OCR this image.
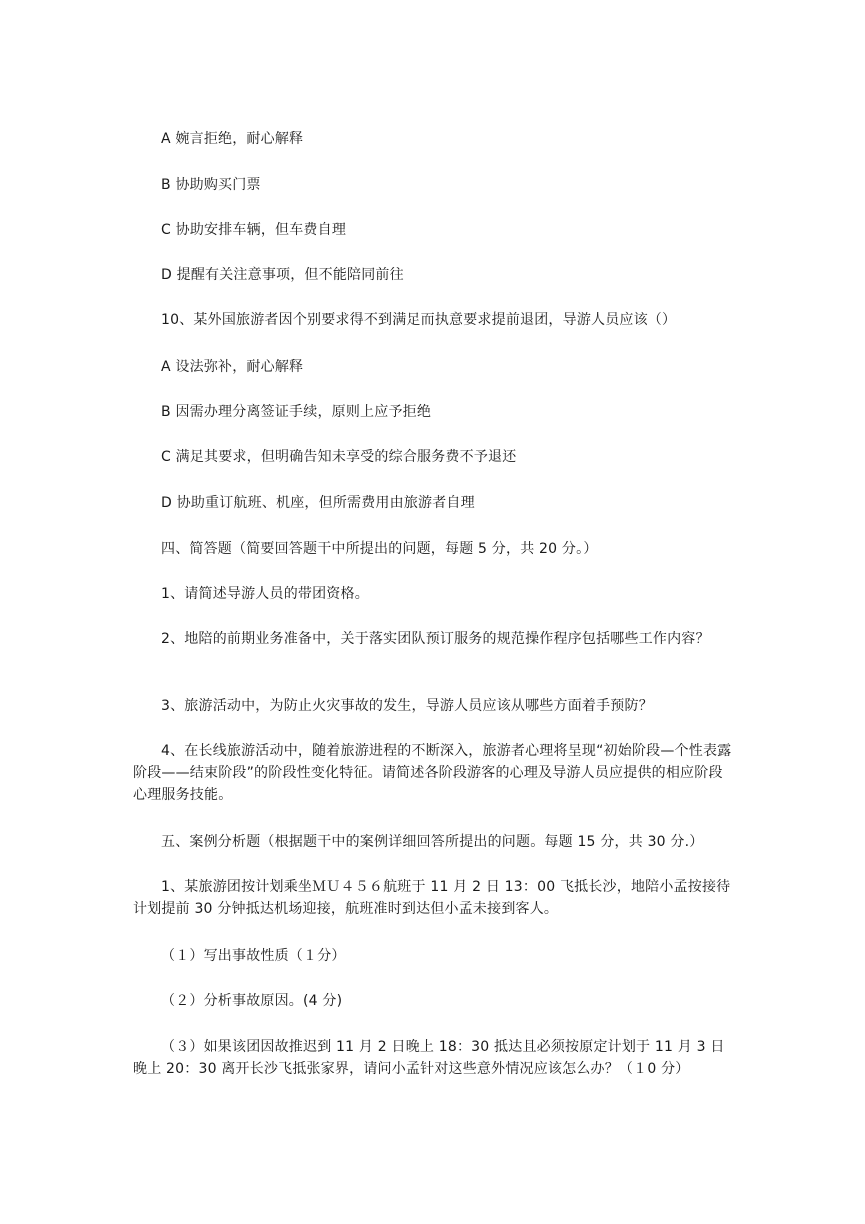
A 婉言拒绝，耐心解释
B 协助购买门票
C 协助安排车辆，但车费自理
D 提醒有关注意事项，但不能陪同前往
10、某外国旅游者因个别要求得不到满足而执意要求提前退团，导游人员应该（）
A 设法弥补，耐心解释
B 因需办理分离签证手续，原则上应予拒绝
C 满足其要求，但明确告知未享受的综合服务费不予退还
D 协助重订航班、机座，但所需费用由旅游者自理
四、简答题（简要回答题干中所提出的问题，每题 5 分，共 20 分。）
1、请简述导游人员的带团资格。
2、地陪的前期业务准备中，关于落实团队预订服务的规范操作程序包括哪些工作内容？
3、旅游活动中，为防止火灾事故的发生，导游人员应该从哪些方面着手预防？
4、在长线旅游活动中，随着旅游进程的不断深入，旅游者心理将呈现“初始阶段—个性表露阶段——结束阶段”的阶段性变化特征。请简述各阶段游客的心理及导游人员应提供的相应阶段心理服务技能。
五、案例分析题（根据题干中的案例详细回答所提出的问题。每题 15 分，共 30 分.）
1、某旅游团按计划乘坐ＭＵ４５６航班于 11 月 2 日 13：00 飞抵长沙，地陪小孟按接待计划提前 30 分钟抵达机场迎接，航班准时到达但小孟未接到客人。
（１）写出事故性质（１分）
（２）分析事故原因。(4 分)
（３）如果该团因故推迟到 11 月 2 日晚上 18：30 抵达且必须按原定计划于 11 月 3 日晚上 20：30 离开长沙飞抵张家界，请问小孟针对这些意外情况应该怎么办？（１0 分）
